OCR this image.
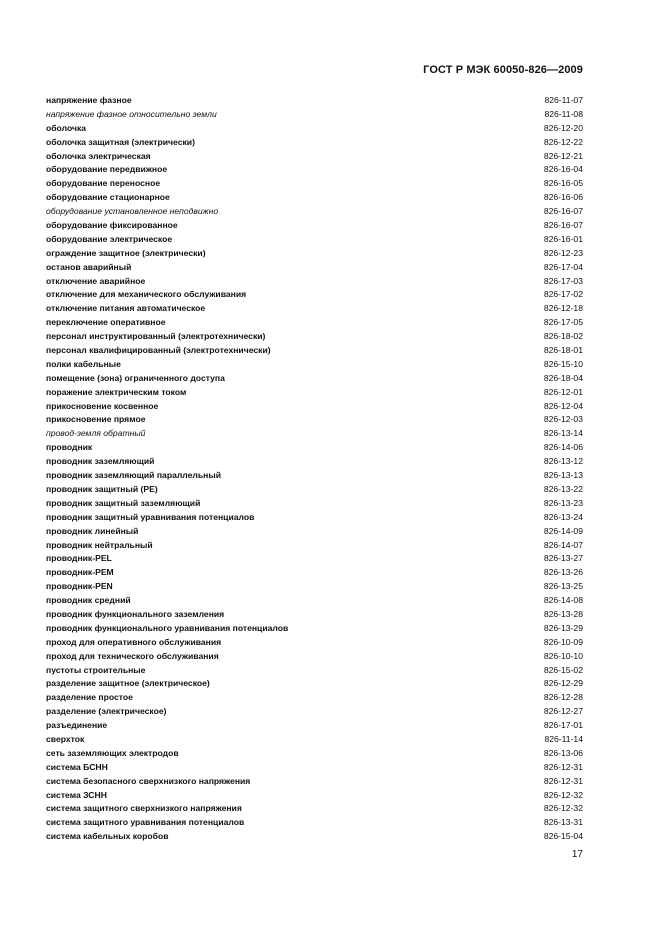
ГОСТ Р МЭК 60050-826—2009
напряжение фазное	826-11-07
напряжение фазное относительно земли	826-11-08
оболочка	826-12-20
оболочка защитная (электрически)	826-12-22
оболочка электрическая	826-12-21
оборудование передвижное	826-16-04
оборудование переносное	826-16-05
оборудование стационарное	826-16-06
оборудование установленное неподвижно	826-16-07
оборудование фиксированное	826-16-07
оборудование электрическое	826-16-01
ограждение защитное (электрически)	826-12-23
останов аварийный	826-17-04
отключение аварийное	826-17-03
отключение для механического обслуживания	826-17-02
отключение питания автоматическое	826-12-18
переключение оперативное	826-17-05
персонал инструктированный (электротехнически)	826-18-02
персонал квалифицированный (электротехнически)	826-18-01
полки кабельные	826-15-10
помещение (зона) ограниченного доступа	826-18-04
поражение электрическим током	826-12-01
прикосновение косвенное	826-12-04
прикосновение прямое	826-12-03
провод-земля обратный	826-13-14
проводник	826-14-06
проводник заземляющий	826-13-12
проводник заземляющий параллельный	826-13-13
проводник защитный (PE)	826-13-22
проводник защитный заземляющий	826-13-23
проводник защитный уравнивания потенциалов	826-13-24
проводник линейный	826-14-09
проводник нейтральный	826-14-07
проводник-PEL	826-13-27
проводник-PEM	826-13-26
проводник-PEN	826-13-25
проводник средний	826-14-08
проводник функционального заземления	826-13-28
проводник функционального уравнивания потенциалов	826-13-29
проход для оперативного обслуживания	826-10-09
проход для технического обслуживания	826-10-10
пустоты строительные	826-15-02
разделение защитное (электрическое)	826-12-29
разделение простое	826-12-28
разделение (электрическое)	826-12-27
разъединение	826-17-01
сверхток	826-11-14
сеть заземляющих электродов	826-13-06
система БСНН	826-12-31
система безопасного сверхнизкого напряжения	826-12-31
система ЗСНН	826-12-32
система защитного сверхнизкого напряжения	826-12-32
система защитного уравнивания потенциалов	826-13-31
система кабельных коробов	826-15-04
17
